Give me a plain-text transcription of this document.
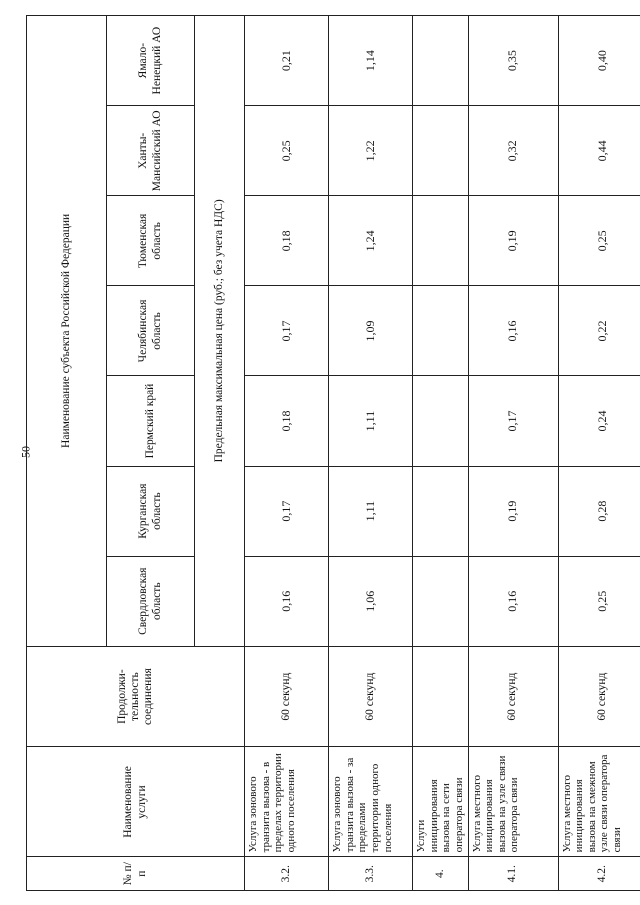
50
№ п/п	Наименование услуги	Продолжи-тельность соединения	Наименование субъекта Российской Федерации						
			Свердловская область	Курганская область	Пермский край	Челябинская область	Тюменская область	Ханты-Мансийский АО	Ямало-Ненецкий АО
			Предельная максимальная цена (руб.; без учета НДС)						
3.2.	Услуга зонового транзита вызова - в пределах территории одного поселения	60 секунд	0,16	0,17	0,18	0,17	0,18	0,25	0,21
3.3.	Услуга зонового транзита вызова - за пределами территории одного поселения	60 секунд	1,06	1,11	1,11	1,09	1,24	1,22	1,14
4.	Услуги инициирования вызова на сети оператора связи								
4.1.	Услуга местного инициирования вызова на узле связи оператора связи	60 секунд	0,16	0,19	0,17	0,16	0,19	0,32	0,35
4.2.	Услуга местного инициирования вызова на смежном узле связи оператора связи	60 секунд	0,25	0,28	0,24	0,22	0,25	0,44	0,40
